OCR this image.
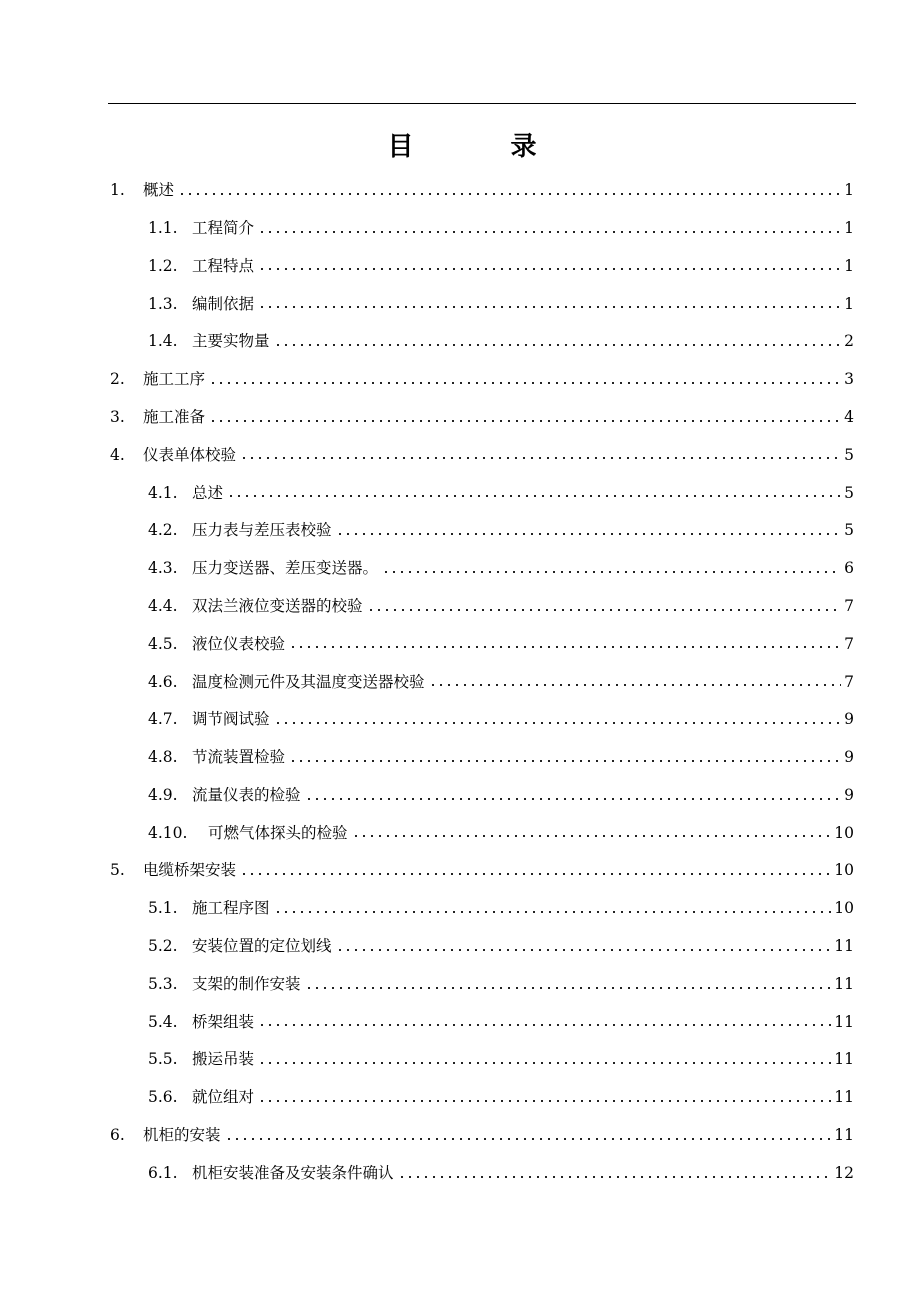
目 录
1.	概述	1
1.1. 工程简介	1
1.2. 工程特点	1
1.3. 编制依据	1
1.4. 主要实物量	2
2.	施工工序	3
3.	施工准备	4
4.	仪表单体校验	5
4.1. 总述	5
4.2. 压力表与差压表校验	5
4.3. 压力变送器、差压变送器。	6
4.4. 双法兰液位变送器的校验	7
4.5. 液位仪表校验	7
4.6. 温度检测元件及其温度变送器校验	7
4.7. 调节阀试验	9
4.8. 节流装置检验	9
4.9. 流量仪表的检验	9
4.10.	可燃气体探头的检验	10
5.	电缆桥架安装	10
5.1. 施工程序图	10
5.2. 安装位置的定位划线	11
5.3. 支架的制作安装	11
5.4. 桥架组装	11
5.5. 搬运吊装	11
5.6. 就位组对	11
6.	机柜的安装	11
6.1. 机柜安装准备及安装条件确认	12
